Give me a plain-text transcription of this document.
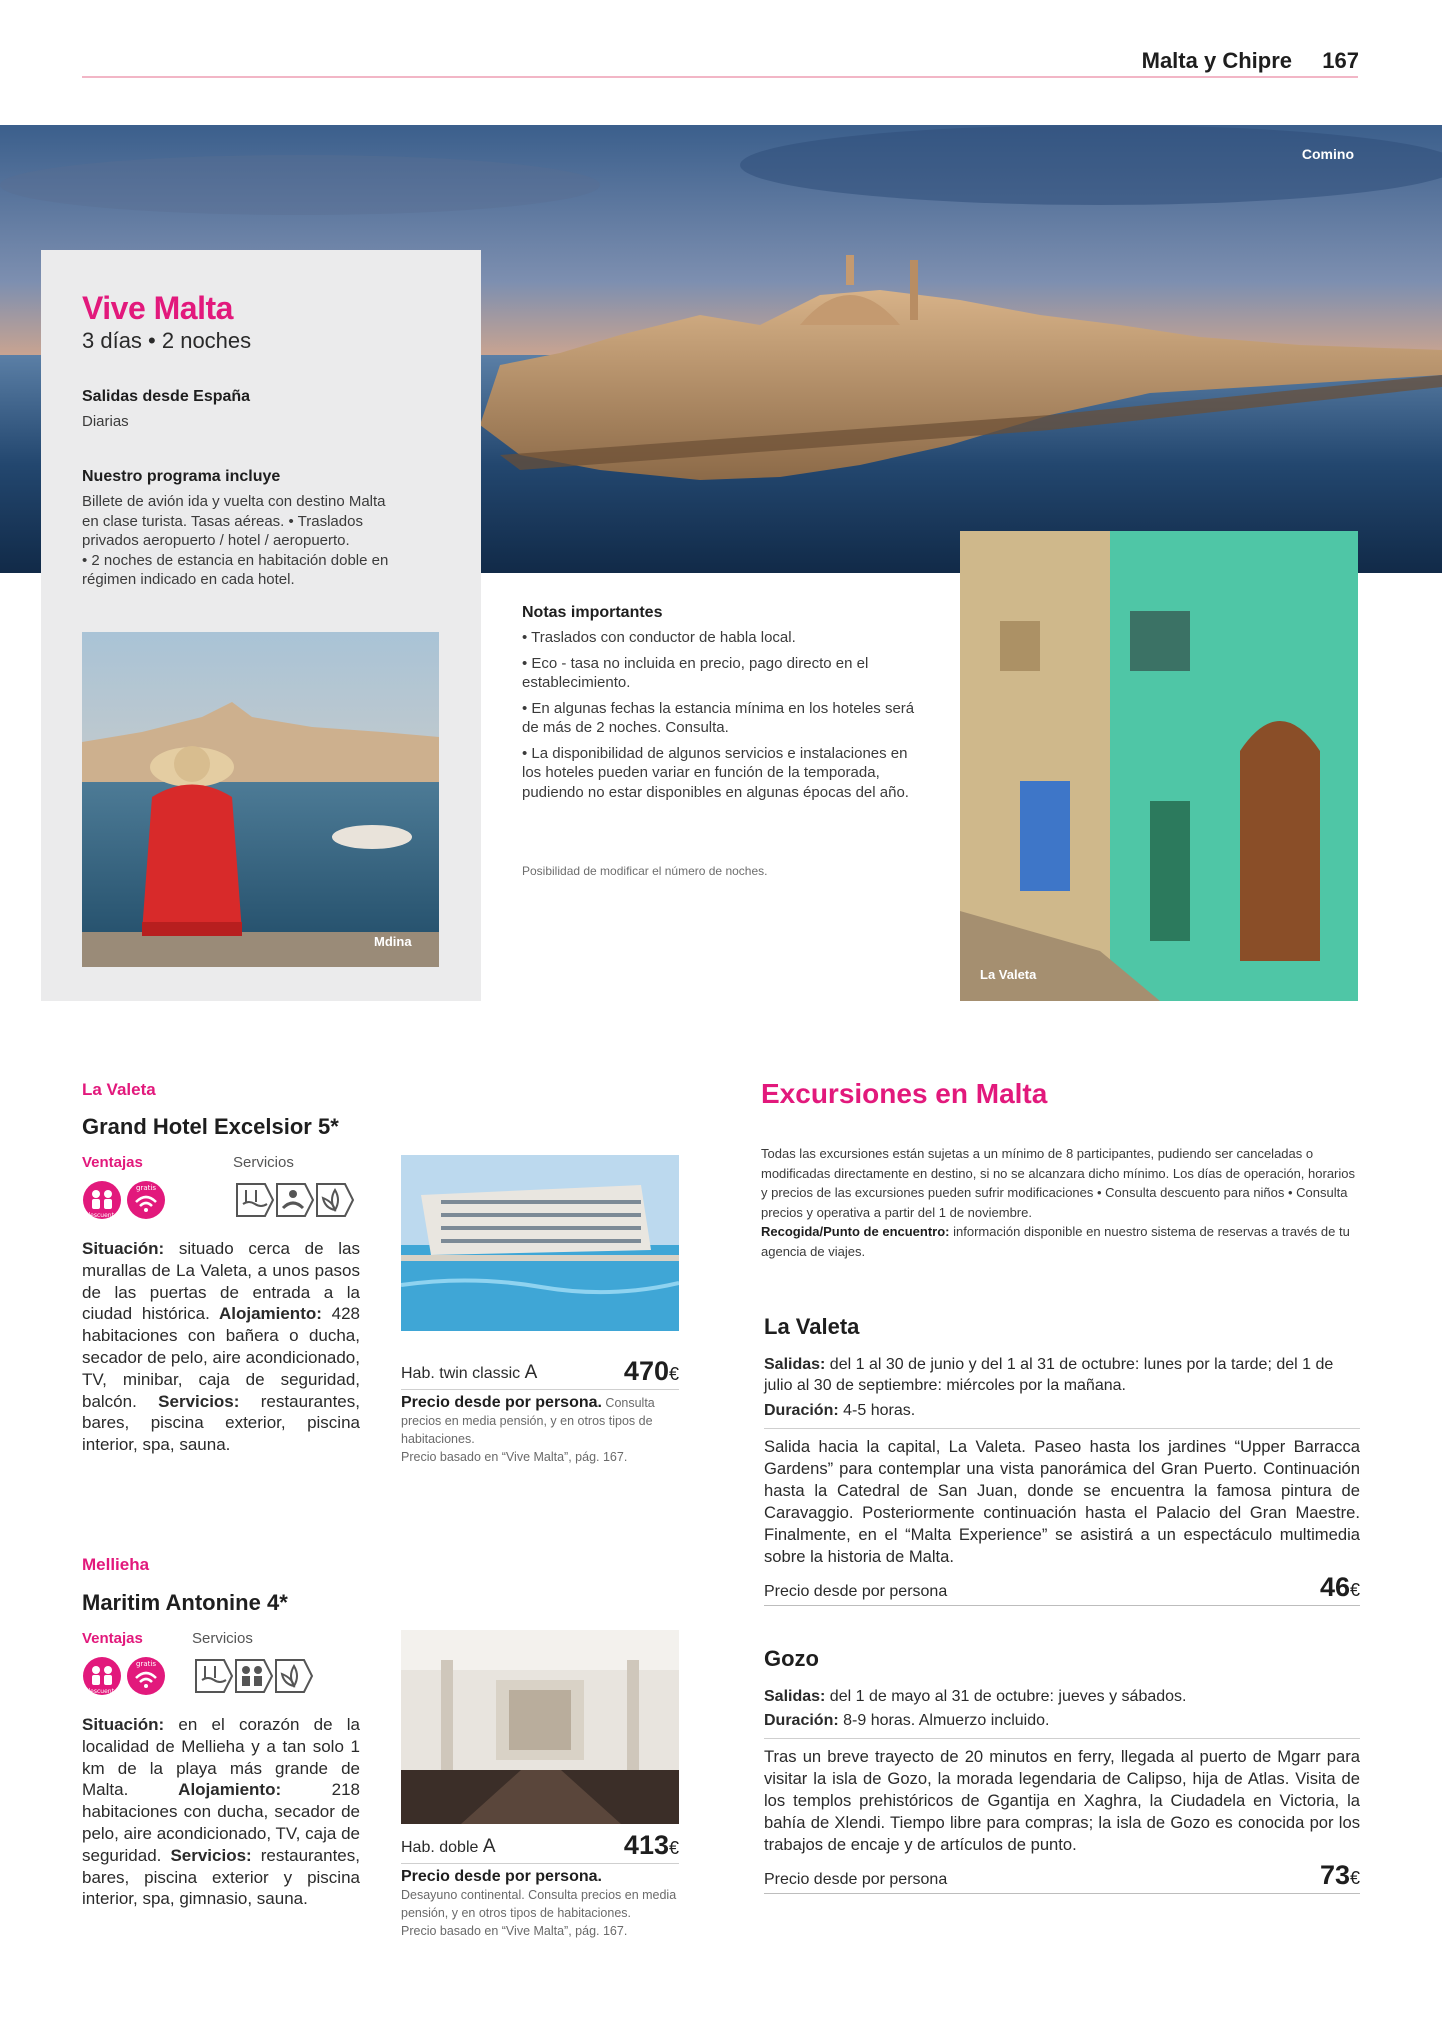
Malta y Chipre 167
Comino
Vive Malta
3 días • 2 noches
Salidas desde España
Diarias
Nuestro programa incluye
Billete de avión ida y vuelta con destino Malta
en clase turista. Tasas aéreas. • Traslados
privados aeropuerto / hotel / aeropuerto.
• 2 noches de estancia en habitación doble en
régimen indicado en cada hotel.
Mdina
Notas importantes
• Traslados con conductor de habla local.
• Eco - tasa no incluida en precio, pago directo en el establecimiento.
• En algunas fechas la estancia mínima en los hoteles será de más de 2 noches. Consulta.
• La disponibilidad de algunos servicios e instalaciones en los hoteles pueden variar en función de la temporada, pudiendo no estar disponibles en algunas épocas del año.
Posibilidad de modificar el número de noches.
La Valeta
La Valeta
Grand Hotel Excelsior 5*
Ventajas	Servicios
descuento
gratis
Situación: situado cerca de las murallas de La Valeta, a unos pasos de las puertas de entrada a la ciudad histórica. Alojamiento: 428 habitaciones con bañera o ducha, secador de pelo, aire acondicionado, TV, minibar, caja de seguridad, balcón. Servicios: restaurantes, bares, piscina exterior, piscina interior, spa, sauna.
Hab. twin classic A	470€
Precio desde por persona. Consulta precios en media pensión, y en otros tipos de habitaciones.
Precio basado en “Vive Malta”, pág. 167.
Mellieha
Maritim Antonine 4*
Ventajas	Servicios
descuento
gratis
Situación: en el corazón de la localidad de Mellieha y a tan solo 1 km de la playa más grande de Malta. Alojamiento: 218 habitaciones con ducha, secador de pelo, aire acondicionado, TV, caja de seguridad. Servicios: restaurantes, bares, piscina exterior y piscina interior, spa, gimnasio, sauna.
Hab. doble A	413€
Precio desde por persona.
Desayuno continental. Consulta precios en media pensión, y en otros tipos de habitaciones.
Precio basado en “Vive Malta”, pág. 167.
Excursiones en Malta
Todas las excursiones están sujetas a un mínimo de 8 participantes, pudiendo ser canceladas o modificadas directamente en destino, si no se alcanzara dicho mínimo. Los días de operación, horarios y precios de las excursiones pueden sufrir modificaciones • Consulta descuento para niños • Consulta precios y operativa a partir del 1 de noviembre.
Recogida/Punto de encuentro: información disponible en nuestro sistema de reservas a través de tu agencia de viajes.
La Valeta
Salidas: del 1 al 30 de junio y del 1 al 31 de octubre: lunes por la tarde; del 1 de julio al 30 de septiembre: miércoles por la mañana.
Duración: 4-5 horas.
Salida hacia la capital, La Valeta. Paseo hasta los jardines “Upper Barracca Gardens” para contemplar una vista panorámica del Gran Puerto. Continuación hasta la Catedral de San Juan, donde se encuentra la famosa pintura de Caravaggio. Posteriormente continuación hasta el Palacio del Gran Maestre. Finalmente, en el “Malta Experience” se asistirá a un espectáculo multimedia sobre la historia de Malta.
Precio desde por persona	46€
Gozo
Salidas: del 1 de mayo al 31 de octubre: jueves y sábados.
Duración: 8-9 horas. Almuerzo incluido.
Tras un breve trayecto de 20 minutos en ferry, llegada al puerto de Mgarr para visitar la isla de Gozo, la morada legendaria de Calipso, hija de Atlas. Visita de los templos prehistóricos de Ggantija en Xaghra, la Ciudadela en Victoria, la bahía de Xlendi. Tiempo libre para compras; la isla de Gozo es conocida por los trabajos de encaje y de artículos de punto.
Precio desde por persona	73€
